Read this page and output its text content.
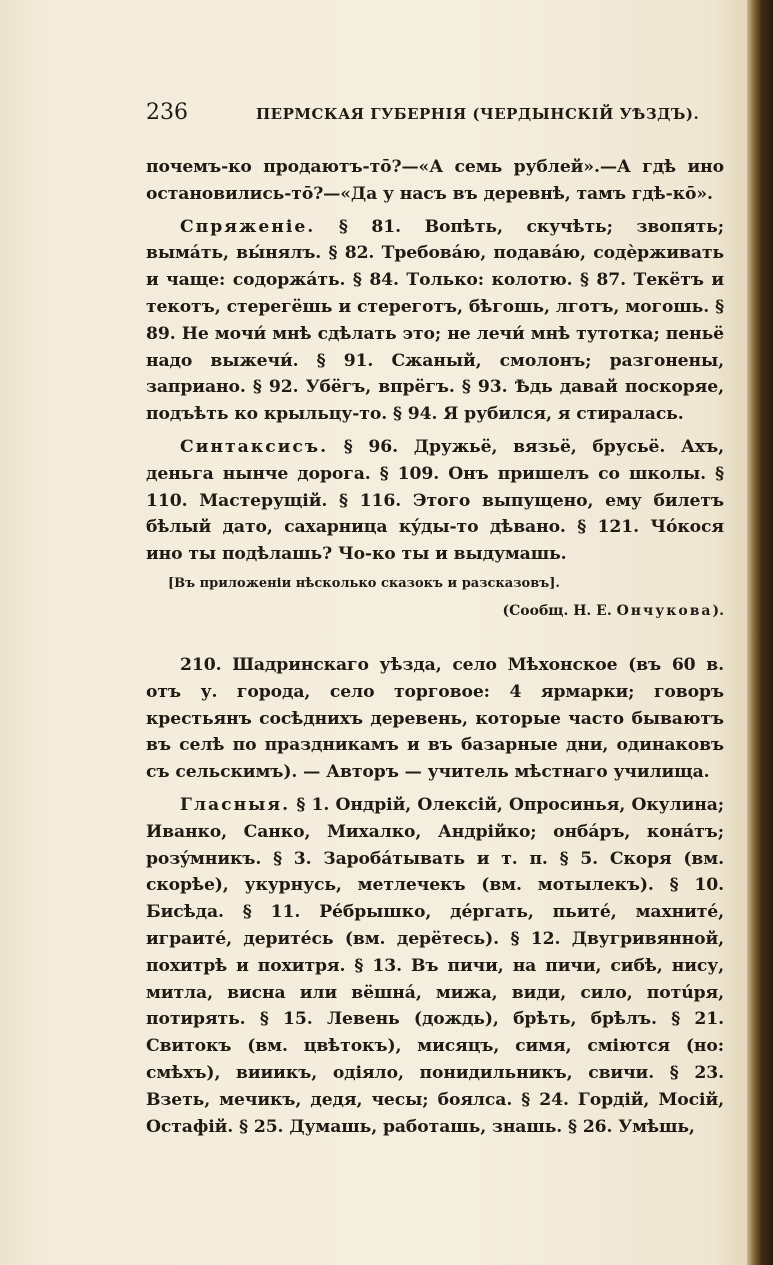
236	ПЕРМСКАЯ ГУБЕРНІЯ (ЧЕРДЫНСКІЙ УѢЗДЪ).

почемъ-ко продаютъ-тō?—«А семь рублей».—А гдѣ ино остановились-тō?—«Да у насъ въ деревнѣ, тамъ гдѣ-кō».

Спряженіе. § 81. Вопѣть, скучѣть; звопять; вымáть, вы́нялъ. § 82. Требовáю, подавáю, содѐрживать и чаще: содоржáть. § 84. Только: колотю. § 87. Текётъ и текотъ, стерегёшь и стереготъ, бѣгошь, лготъ, могошь. § 89. Не мочи́ мнѣ сдѣлать это; не лечи́ мнѣ тутотка; пеньё надо выжечи́. § 91. Сжаный, смолонъ; разгонены, заприано. § 92. Убёгъ, впрёгъ. § 93. Ѣдь давай поскоряе, подъѣть ко крыльцу-то. § 94. Я рубился, я стиралась.

Синтаксисъ. § 96. Дружьё, вязьё, брусьё. Ахъ, деньга нынче дорога. § 109. Онъ пришелъ со школы. § 110. Мастерущій. § 116. Этого выпущено, ему билетъ бѣлый дато, сахарница кýды-то дѣвано. § 121. Чóкося ино ты подѣлашь? Чо-ко ты и выдумашь.

[Въ приложеніи нѣсколько сказокъ и разсказовъ].
(Сообщ. Н. Е. Ончукова).

210. Шадринскаго уѣзда, село Мѣхонское (въ 60 в. отъ у. города, село торговое: 4 ярмарки; говоръ крестьянъ сосѣднихъ деревень, которые часто бываютъ въ селѣ по праздникамъ и въ базарные дни, одинаковъ съ сельскимъ). — Авторъ — учитель мѣстнаго училища.

Гласныя. § 1. Ондрій, Олексій, Опросинья, Окулина; Иванко, Санко, Михалко, Андрійко; онбáръ, конáтъ; розýмникъ. § 3. Заробáтывать и т. п. § 5. Скоря (вм. скорѣе), укурнусь, метлечекъ (вм. мотылекъ). § 10. Бисѣда. § 11. Рéбрышко, дéргать, пьитé, махнитé, играитé, деритéсь (вм. дерётесь). § 12. Двугривянной, похитрѣ и похитря. § 13. Въ пичи, на пичи, сибѣ, нису, митла, висна или вёшнá, мижа, види, сило, потúря, потирять. § 15. Левень (дождь), брѣть, брѣлъ. § 21. Свитокъ (вм. цвѣтокъ), мисяцъ, симя, сміются (но: смѣхъ), вииикъ, одіяло, понидильникъ, свичи. § 23. Взеть, мечикъ, дедя, чесы; боялса. § 24. Гордій, Мосій, Остафій. § 25. Думашь, работашь, знашь. § 26. Умѣшь,
